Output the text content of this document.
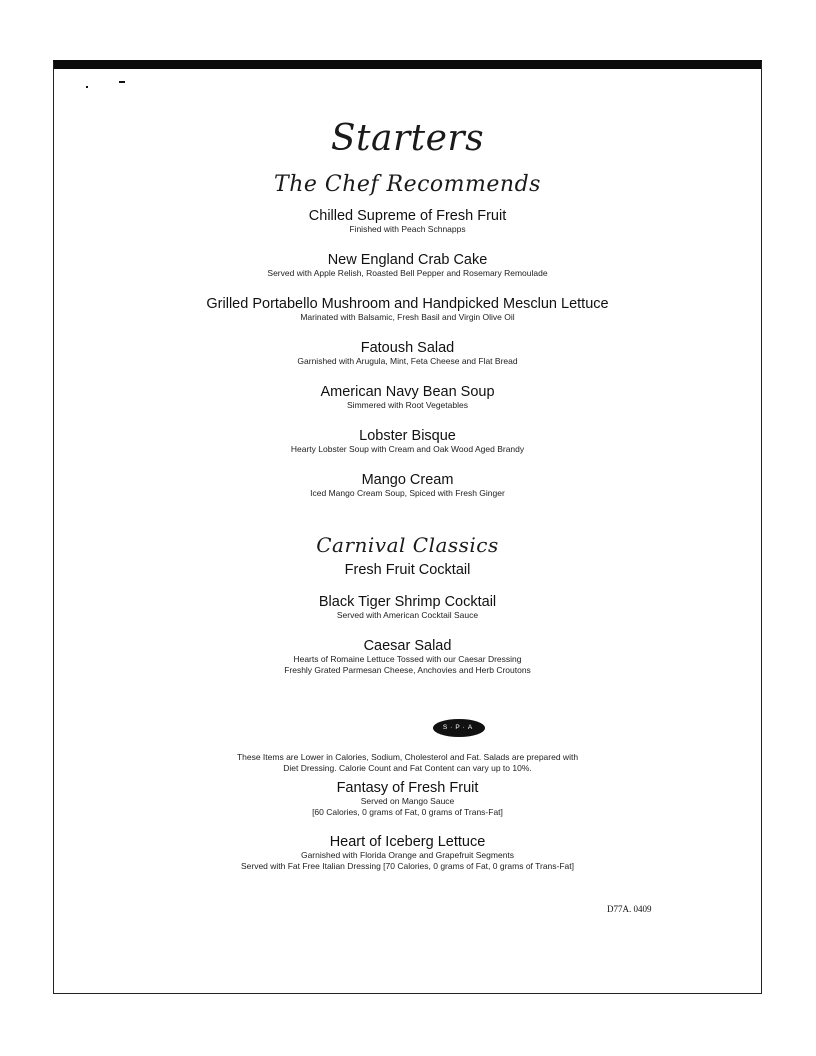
Starters
The Chef Recommends
Chilled Supreme of Fresh Fruit
Finished with Peach Schnapps
New England Crab Cake
Served with Apple Relish, Roasted Bell Pepper and Rosemary Remoulade
Grilled Portabello Mushroom and Handpicked Mesclun Lettuce
Marinated with Balsamic, Fresh Basil and Virgin Olive Oil
Fatoush Salad
Garnished with Arugula, Mint, Feta Cheese and Flat Bread
American Navy Bean Soup
Simmered with Root Vegetables
Lobster Bisque
Hearty Lobster Soup with Cream and Oak Wood Aged Brandy
Mango Cream
Iced Mango Cream Soup, Spiced with Fresh Ginger
Carnival Classics
Fresh Fruit Cocktail
Black Tiger Shrimp Cocktail
Served with American Cocktail Sauce
Caesar Salad
Hearts of Romaine Lettuce Tossed with our Caesar Dressing
Freshly Grated Parmesan Cheese, Anchovies and Herb Croutons
S·P·A
These Items are Lower in Calories, Sodium, Cholesterol and Fat. Salads are prepared with
Diet Dressing. Calorie Count and Fat Content can vary up to 10%.
Fantasy of Fresh Fruit
Served on Mango Sauce
[60 Calories, 0 grams of Fat, 0 grams of Trans-Fat]
Heart of Iceberg Lettuce
Garnished with Florida Orange and Grapefruit Segments
Served with Fat Free Italian Dressing [70 Calories, 0 grams of Fat, 0 grams of Trans-Fat]
D77A. 0409
